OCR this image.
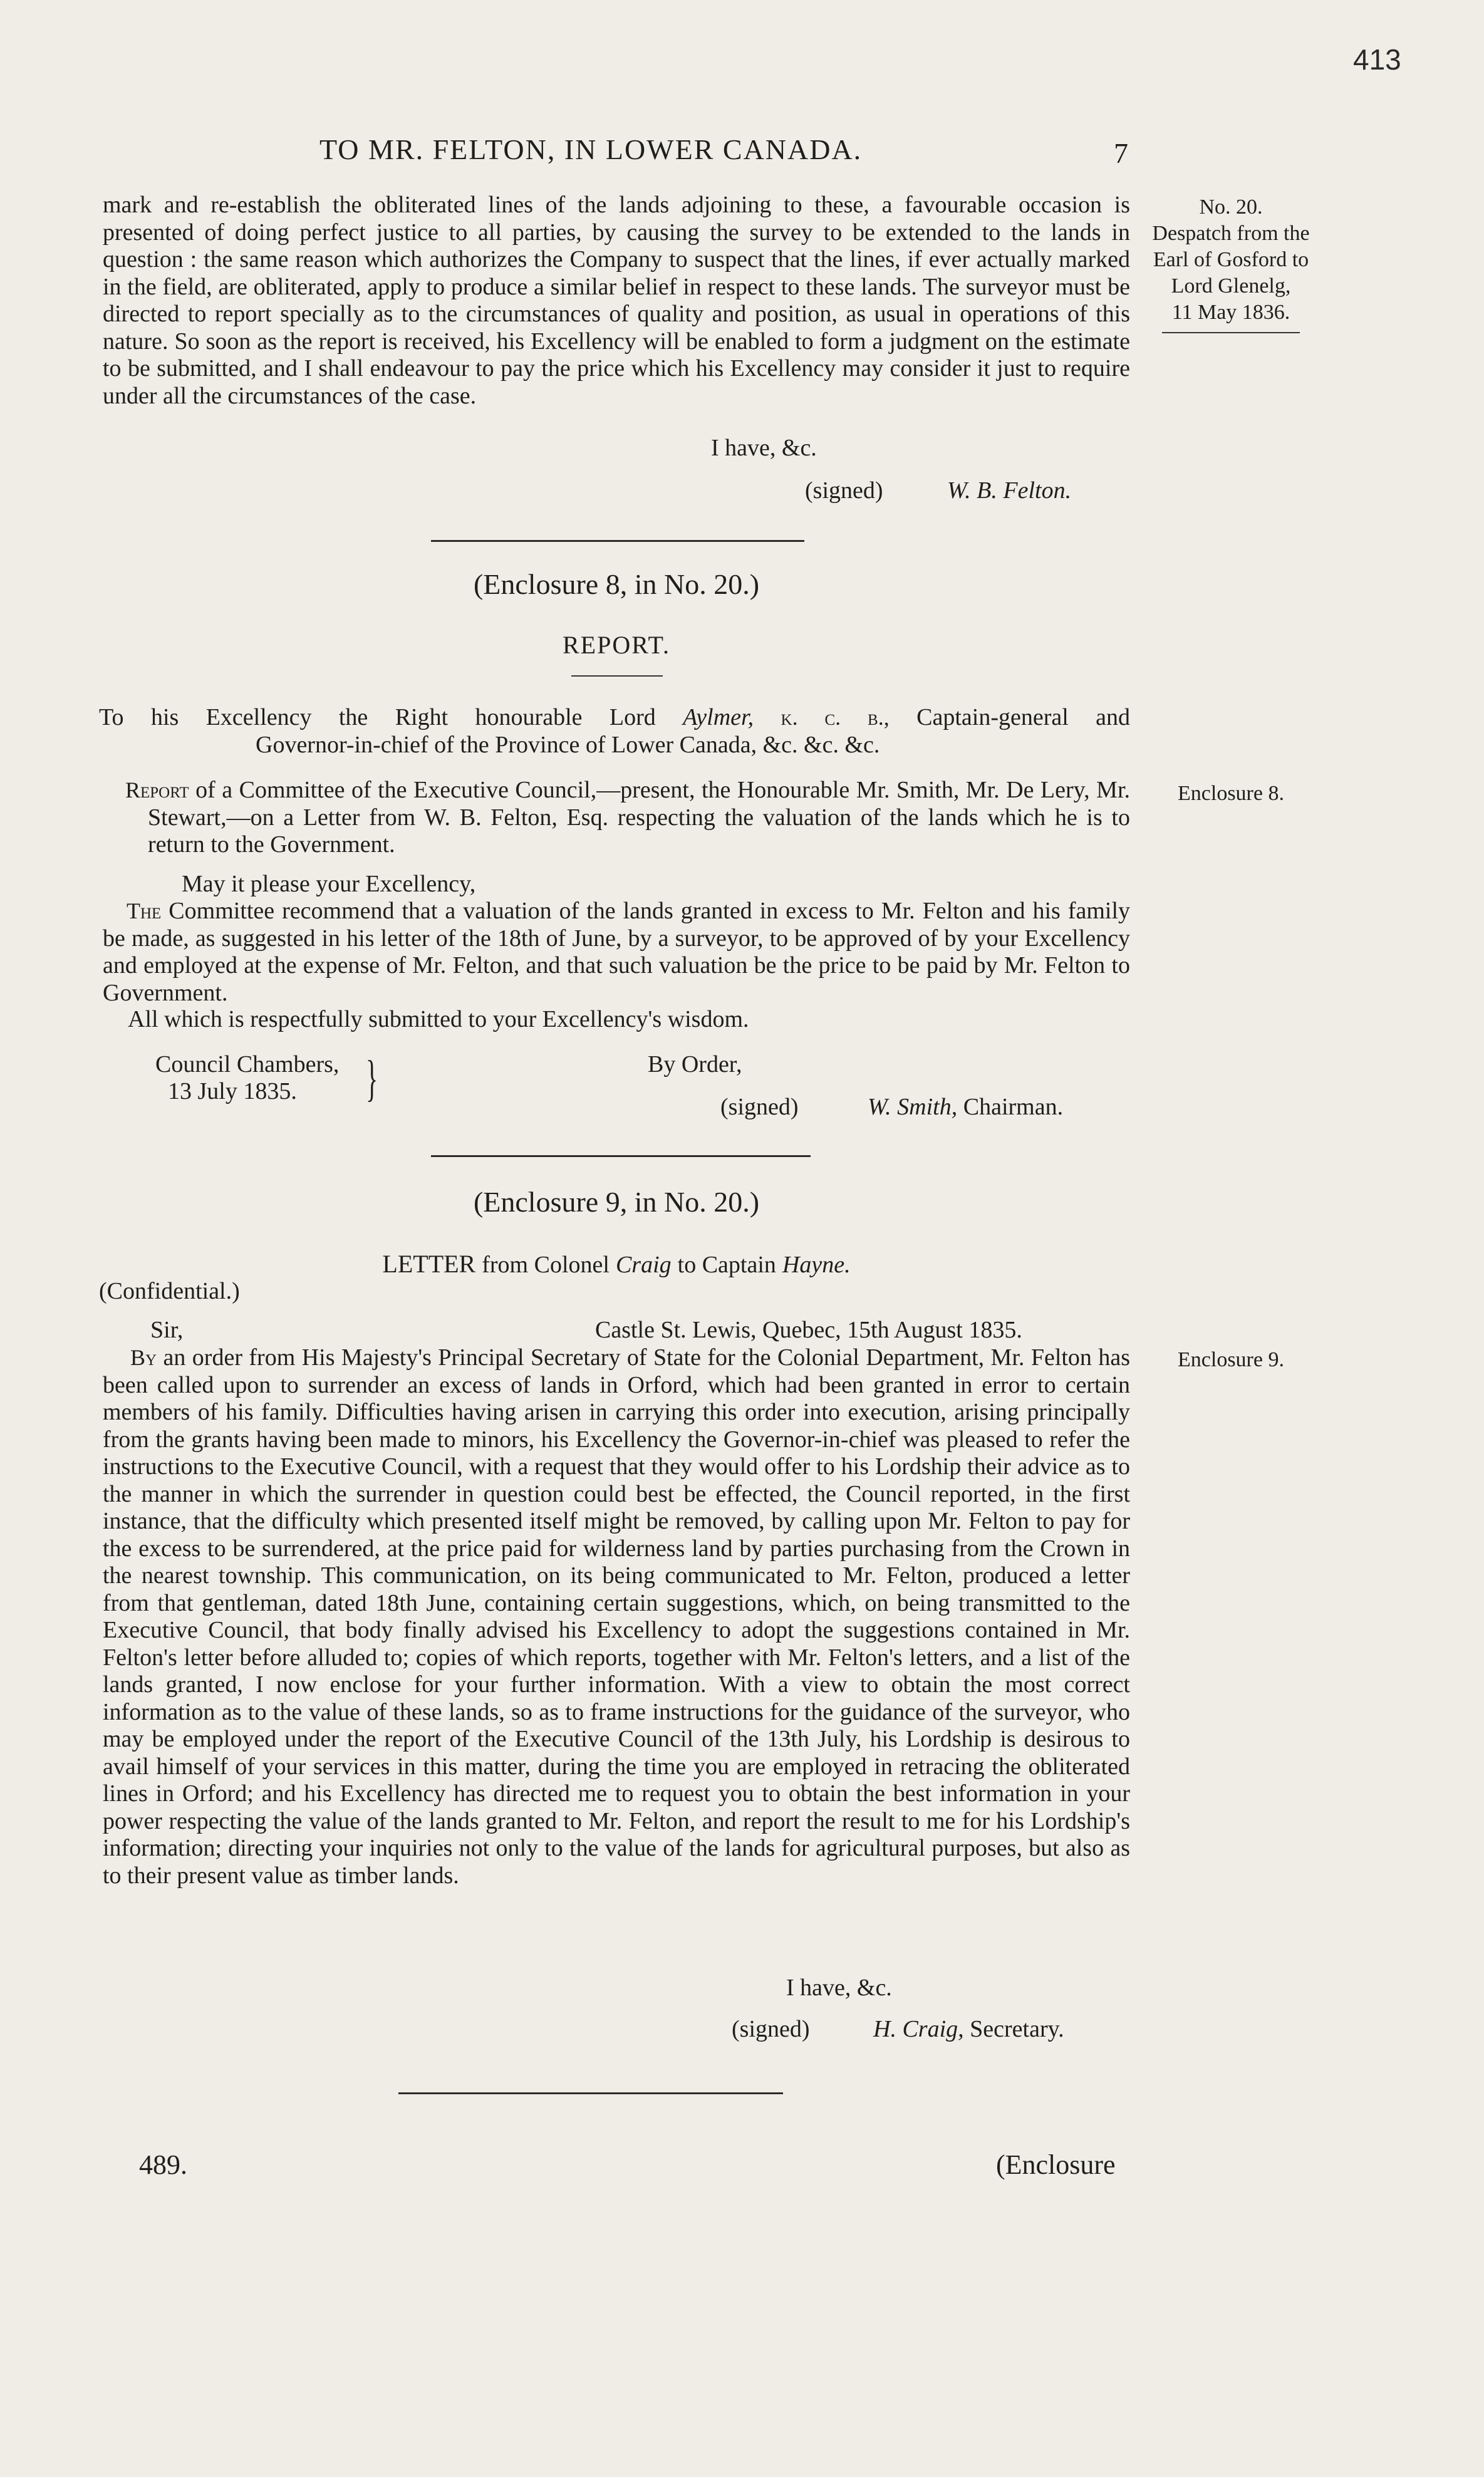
413
TO MR. FELTON, IN LOWER CANADA.	7
No. 20.
Despatch from the
Earl of Gosford to
Lord Glenelg,
11 May 1836.
Enclosure 8.
Enclosure 9.
mark and re-establish the obliterated lines of the lands adjoining to these, a favourable occasion is presented of doing perfect justice to all parties, by causing the survey to be extended to the lands in question : the same reason which authorizes the Company to suspect that the lines, if ever actually marked in the field, are obliterated, apply to produce a similar belief in respect to these lands. The surveyor must be directed to report specially as to the circumstances of quality and position, as usual in operations of this nature. So soon as the report is received, his Excellency will be enabled to form a judgment on the estimate to be submitted, and I shall endeavour to pay the price which his Excellency may consider it just to require under all the circumstances of the case.
I have, &c.
(signed)	W. B. Felton.
(Enclosure 8, in No. 20.)
REPORT.
To his Excellency the Right honourable Lord Aylmer, k. c. b., Captain-general and
Governor-in-chief of the Province of Lower Canada, &c. &c. &c.
Report of a Committee of the Executive Council,—present, the Honourable Mr. Smith, Mr. De Lery, Mr. Stewart,—on a Letter from W. B. Felton, Esq. respecting the valuation of the lands which he is to return to the Government.
May it please your Excellency,
The Committee recommend that a valuation of the lands granted in excess to Mr. Felton and his family be made, as suggested in his letter of the 18th of June, by a surveyor, to be approved of by your Excellency and employed at the expense of Mr. Felton, and that such valuation be the price to be paid by Mr. Felton to Government.
All which is respectfully submitted to your Excellency's wisdom.
Council Chambers,
13 July 1835. }	By Order,
(signed)	W. Smith, Chairman.
(Enclosure 9, in No. 20.)
LETTER from Colonel Craig to Captain Hayne.
(Confidential.)
Sir,	Castle St. Lewis, Quebec, 15th August 1835.
By an order from His Majesty's Principal Secretary of State for the Colonial Department, Mr. Felton has been called upon to surrender an excess of lands in Orford, which had been granted in error to certain members of his family. Difficulties having arisen in carrying this order into execution, arising principally from the grants having been made to minors, his Excellency the Governor-in-chief was pleased to refer the instructions to the Executive Council, with a request that they would offer to his Lordship their advice as to the manner in which the surrender in question could best be effected, the Council reported, in the first instance, that the difficulty which presented itself might be removed, by calling upon Mr. Felton to pay for the excess to be surrendered, at the price paid for wilderness land by parties purchasing from the Crown in the nearest township. This communication, on its being communicated to Mr. Felton, produced a letter from that gentleman, dated 18th June, containing certain suggestions, which, on being transmitted to the Executive Council, that body finally advised his Excellency to adopt the suggestions contained in Mr. Felton's letter before alluded to; copies of which reports, together with Mr. Felton's letters, and a list of the lands granted, I now enclose for your further information. With a view to obtain the most correct information as to the value of these lands, so as to frame instructions for the guidance of the surveyor, who may be employed under the report of the Executive Council of the 13th July, his Lordship is desirous to avail himself of your services in this matter, during the time you are employed in retracing the obliterated lines in Orford; and his Excellency has directed me to request you to obtain the best information in your power respecting the value of the lands granted to Mr. Felton, and report the result to me for his Lordship's information; directing your inquiries not only to the value of the lands for agricultural purposes, but also as to their present value as timber lands.
I have, &c.
(signed)	H. Craig, Secretary.
489.	(Enclosure
